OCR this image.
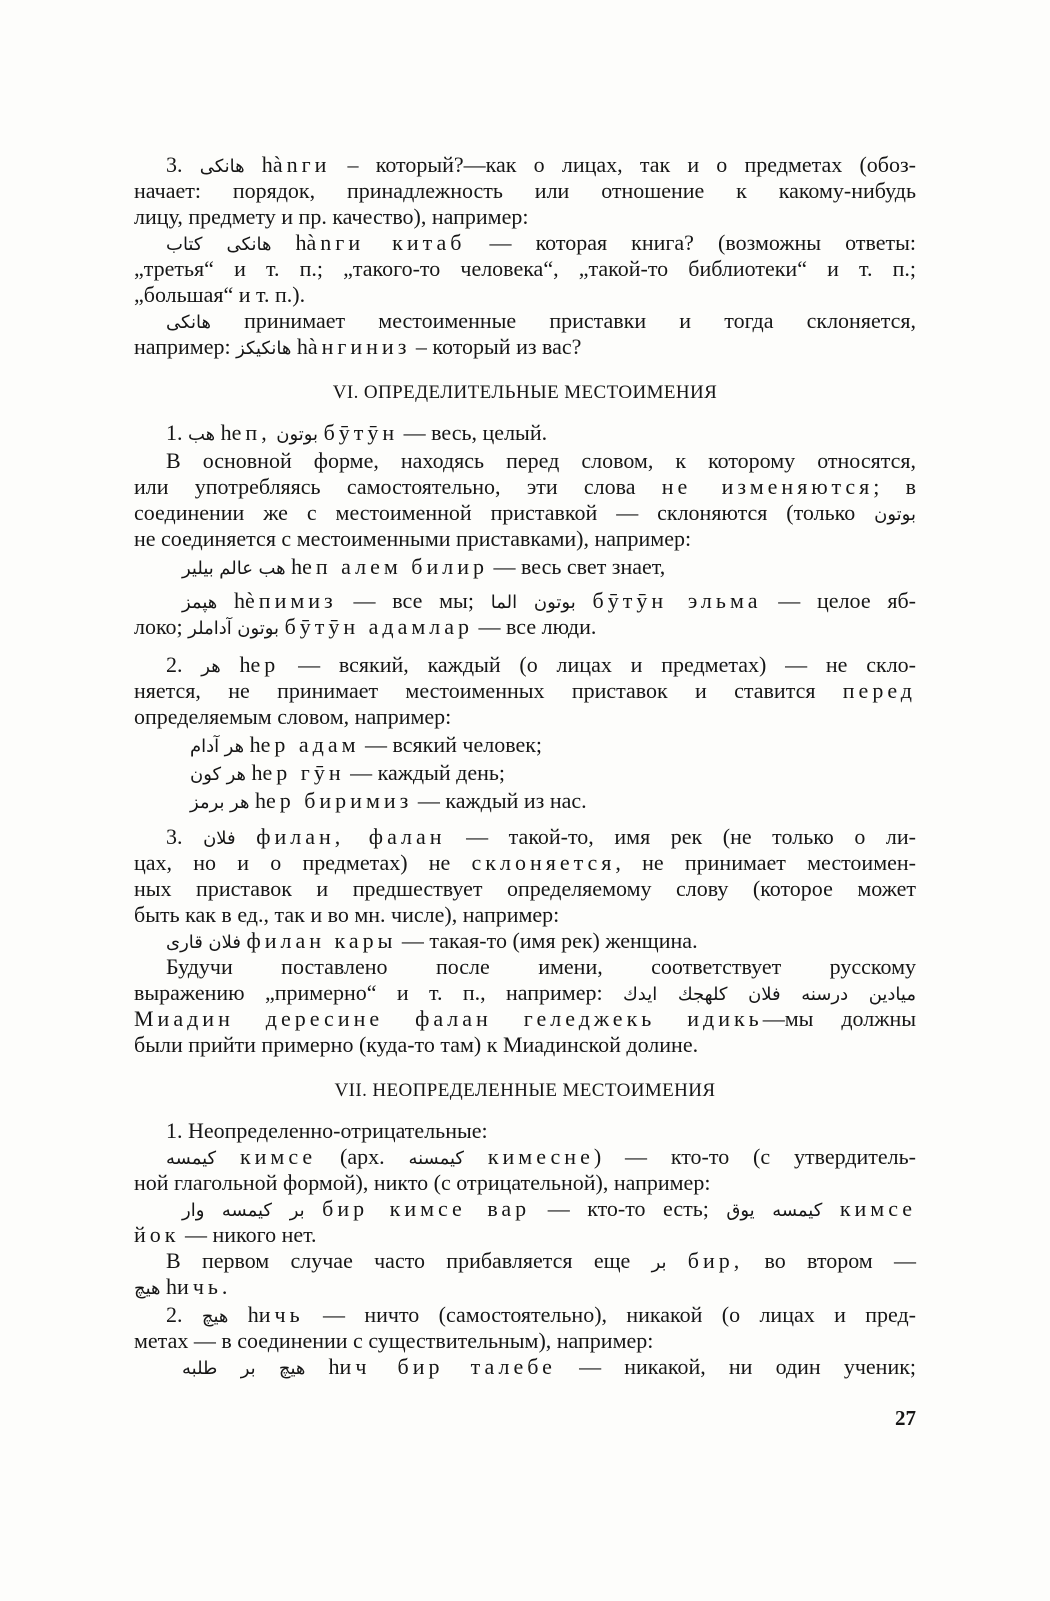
3. هانكى hànги – который?—как о лицах, так и о предметах (обоз-
начает: порядок, принадлежность или отношение к какому-нибудь
лицу, предмету и пр. качество), например:
كتاب هانكى hànги китаб — которая книга? (возможны ответы:
„третья“ и т. п.; „такого-то человека“, „такой-то библиотеки“ и т. п.;
„большая“ и т. п.).
هانكى принимает местоименные приставки и тогда склоняется,
например: هانكيكز hàнгиниз – который из вас?
VI. ОПРЕДЕЛИТЕЛЬНЫЕ МЕСТОИМЕНИЯ
1. هب hеп, بوتون бӯтӯн — весь, целый.
В основной форме, находясь перед словом, к которому относятся,
или употребляясь самостоятельно, эти слова не изменяются; в
соединении же с местоименной приставкой — склоняются (только بوتون
не соединяется с местоименными приставками), например:
بيلير عالم هب hеп алем билир — весь свет знает,
هپمز hѐпимиз — все мы; الما بوتون бӯтӯн эльма — целое яб-
локо; آداملر بوتون бӯтӯн адамлар — все люди.
2. هر hер — всякий, каждый (о лицах и предметах) — не скло-
няется, не принимает местоименных приставок и ставится перед
определяемым словом, например:
آدام هر hер адам — всякий человек;
كون هر hер гӯн — каждый день;
برمز هر hер биримиз — каждый из нас.
3. فلان филан, фалан — такой-то, имя рек (не только о ли-
цах, но и о предметах) не склоняется, не принимает местоимен-
ных приставок и предшествует определяемому слову (которое может
быть как в ед., так и во мн. числе), например:
قارى فلان филан кары — такая-то (имя рек) женщина.
Будучи поставлено после имени, соответствует русскому
выражению „примерно“ и т. п., например: ميادين درسنه فلان كلهجك ايدك
Миадин дересине фалан геледжекь идикь—мы должны
были прийти примерно (куда-то там) к Миадинской долине.
VII. НЕОПРЕДЕЛЕННЫЕ МЕСТОИМЕНИЯ
1. Неопределенно-отрицательные:
كيمسه кимсе (арх. كيمسنه кимесне) — кто-то (с утвердитель-
ной глагольной формой), никто (с отрицательной), например:
وار بر كيمسه бир кимсе вар — кто-то есть; يوق كيمسه кимсе
йок — никого нет.
В первом случае часто прибавляется еще بر бир, во втором —
هيچ hичь.
2. هيچ hичь — ничто (самостоятельно), никакой (о лицах и пред-
метах — в соединении с существительным), например:
بر طلبه هيچ hич бир талебе — никакой, ни один ученик;
27
